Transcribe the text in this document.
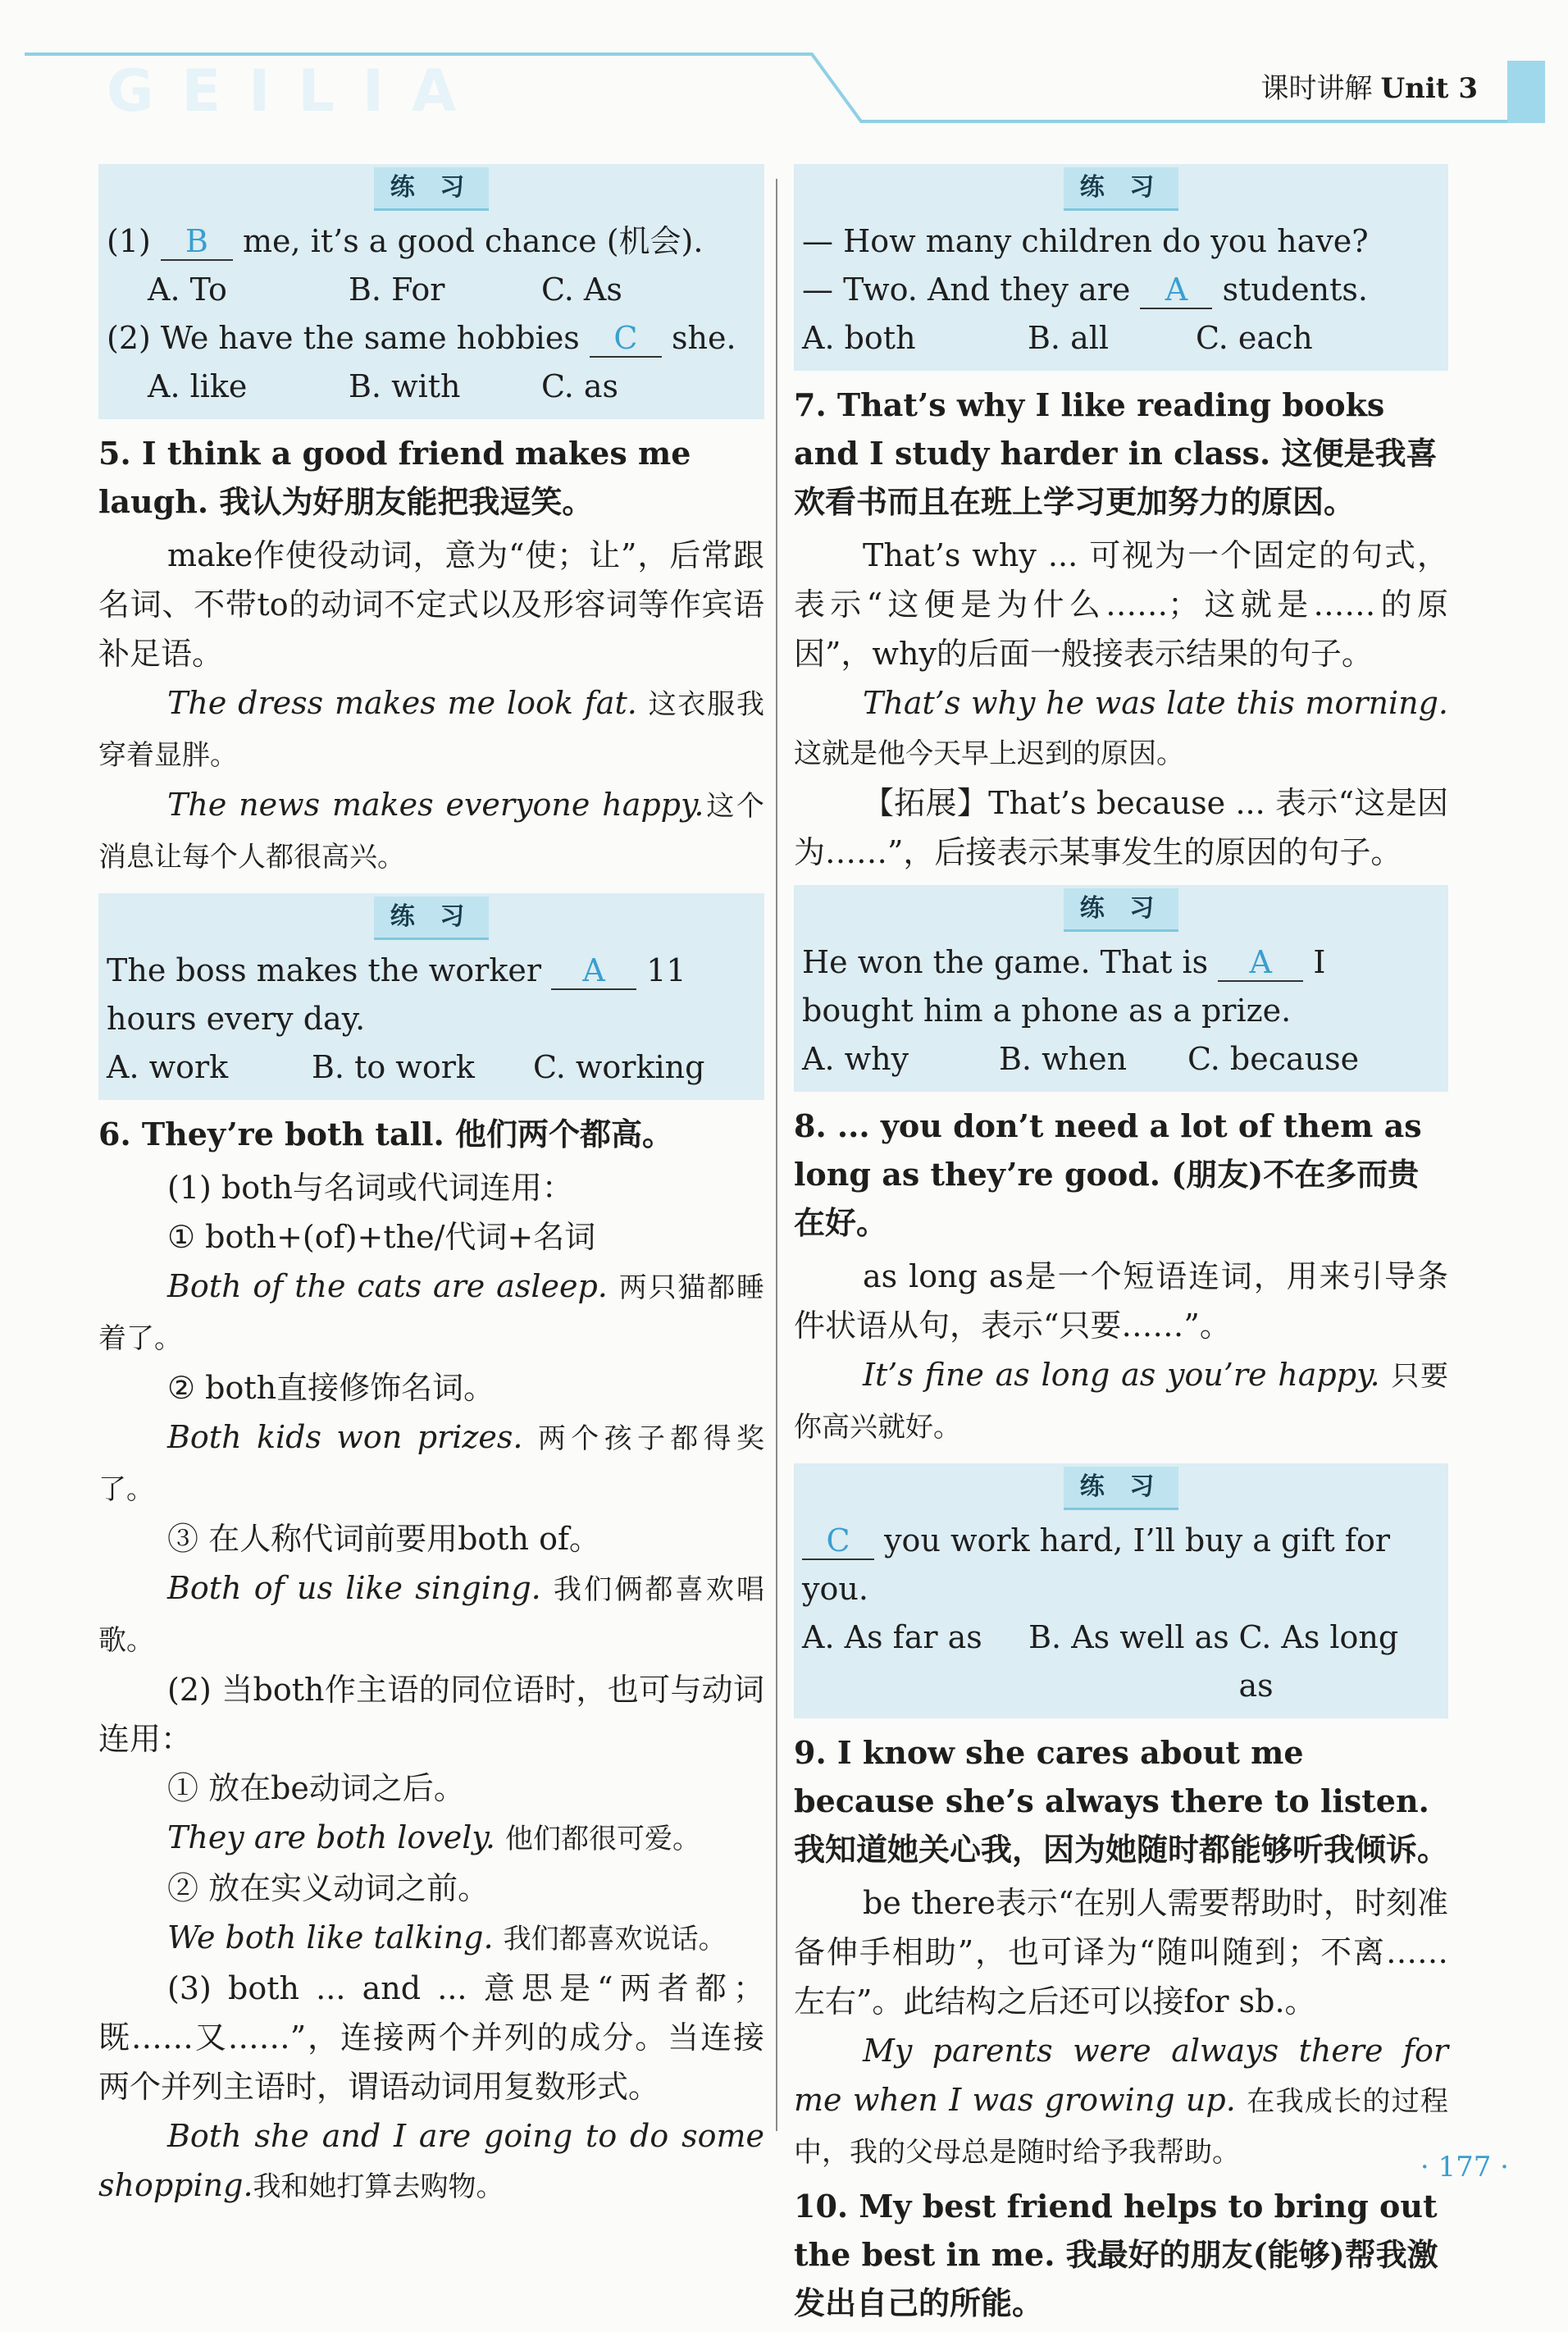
GEILIA	课时讲解 Unit 3
练 习
(1) B me, it’s a good chance (机会).
A. To	B. For	C. As
(2) We have the same hobbies C she.
A. like	B. with	C. as
5. I think a good friend makes me laugh. 我认为好朋友能把我逗笑。

make作使役动词，意为“使；让”，后常跟名词、不带to的动词不定式以及形容词等作宾语补足语。

The dress makes me look fat. 这衣服我穿着显胖。

The news makes everyone happy.这个消息让每个人都很高兴。

练 习
The boss makes the worker A 11 hours every day.
A. work	B. to work	C. working
6. They’re both tall. 他们两个都高。

(1) both与名词或代词连用：

① both+(of)+the/代词+名词

Both of the cats are asleep. 两只猫都睡着了。

② both直接修饰名词。

Both kids won prizes. 两个孩子都得奖了。

③ 在人称代词前要用both of。

Both of us like singing. 我们俩都喜欢唱歌。

(2) 当both作主语的同位语时，也可与动词连用：

① 放在be动词之后。

They are both lovely. 他们都很可爱。

② 放在实义动词之前。

We both like talking. 我们都喜欢说话。

(3) both ... and ... 意思是“两者都；既……又……”，连接两个并列的成分。当连接两个并列主语时，谓语动词用复数形式。

Both she and I are going to do some shopping.我和她打算去购物。

练 习
— How many children do you have?
— Two. And they are A students.
A. both	B. all	C. each
7. That’s why I like reading books and I study harder in class. 这便是我喜欢看书而且在班上学习更加努力的原因。

That’s why ... 可视为一个固定的句式，表示“这便是为什么……；这就是……的原因”，why的后面一般接表示结果的句子。

That’s why he was late this morning. 这就是他今天早上迟到的原因。

【拓展】That’s because ... 表示“这是因为……”，后接表示某事发生的原因的句子。

练 习
He won the game. That is A I bought him a phone as a prize.
A. why	B. when	C. because
8. ... you don’t need a lot of them as long as they’re good. (朋友)不在多而贵在好。

as long as是一个短语连词，用来引导条件状语从句，表示“只要……”。

It’s fine as long as you’re happy. 只要你高兴就好。

练 习
C you work hard, I’ll buy a gift for you.
A. As far as	B. As well as C. As long as
9. I know she cares about me because she’s always there to listen. 我知道她关心我，因为她随时都能够听我倾诉。

be there表示“在别人需要帮助时，时刻准备伸手相助”，也可译为“随叫随到；不离……左右”。此结构之后还可以接for sb.。

My parents were always there for me when I was growing up. 在我成长的过程中，我的父母总是随时给予我帮助。

10. My best friend helps to bring out the best in me. 我最好的朋友(能够)帮我激发出自己的所能。
· 177 ·
